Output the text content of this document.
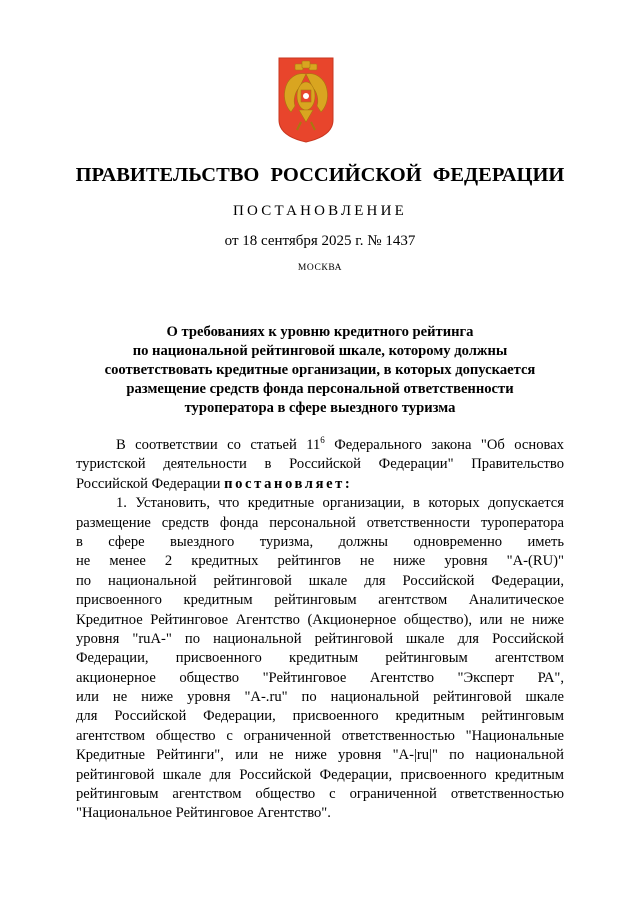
ПРАВИТЕЛЬСТВО РОССИЙСКОЙ ФЕДЕРАЦИИ
ПОСТАНОВЛЕНИЕ
от 18 сентября 2025 г. № 1437
МОСКВА
О требованиях к уровню кредитного рейтинга
по национальной рейтинговой шкале, которому должны
соответствовать кредитные организации, в которых допускается
размещение средств фонда персональной ответственности
туроператора в сфере выездного туризма
В соответствии со статьей $11^6$ Федерального закона "Об основах
туристской деятельности в Российской Федерации" Правительство
Российской Федерации постановляет:
1. Установить, что кредитные организации, в которых допускается
размещение средств фонда персональной ответственности туроператора
в сфере выездного туризма, должны одновременно иметь
не менее 2 кредитных рейтингов не ниже уровня "A-(RU)"
по национальной рейтинговой шкале для Российской Федерации,
присвоенного кредитным рейтинговым агентством Аналитическое
Кредитное Рейтинговое Агентство (Акционерное общество), или не ниже
уровня "ruA-" по национальной рейтинговой шкале для Российской
Федерации, присвоенного кредитным рейтинговым агентством
акционерное общество "Рейтинговое Агентство "Эксперт РА",
или не ниже уровня "A-.ru" по национальной рейтинговой шкале
для Российской Федерации, присвоенного кредитным рейтинговым
агентством общество с ограниченной ответственностью "Национальные
Кредитные Рейтинги", или не ниже уровня "A-|ru|" по национальной
рейтинговой шкале для Российской Федерации, присвоенного кредитным
рейтинговым агентством общество с ограниченной ответственностью
"Национальное Рейтинговое Агентство".
